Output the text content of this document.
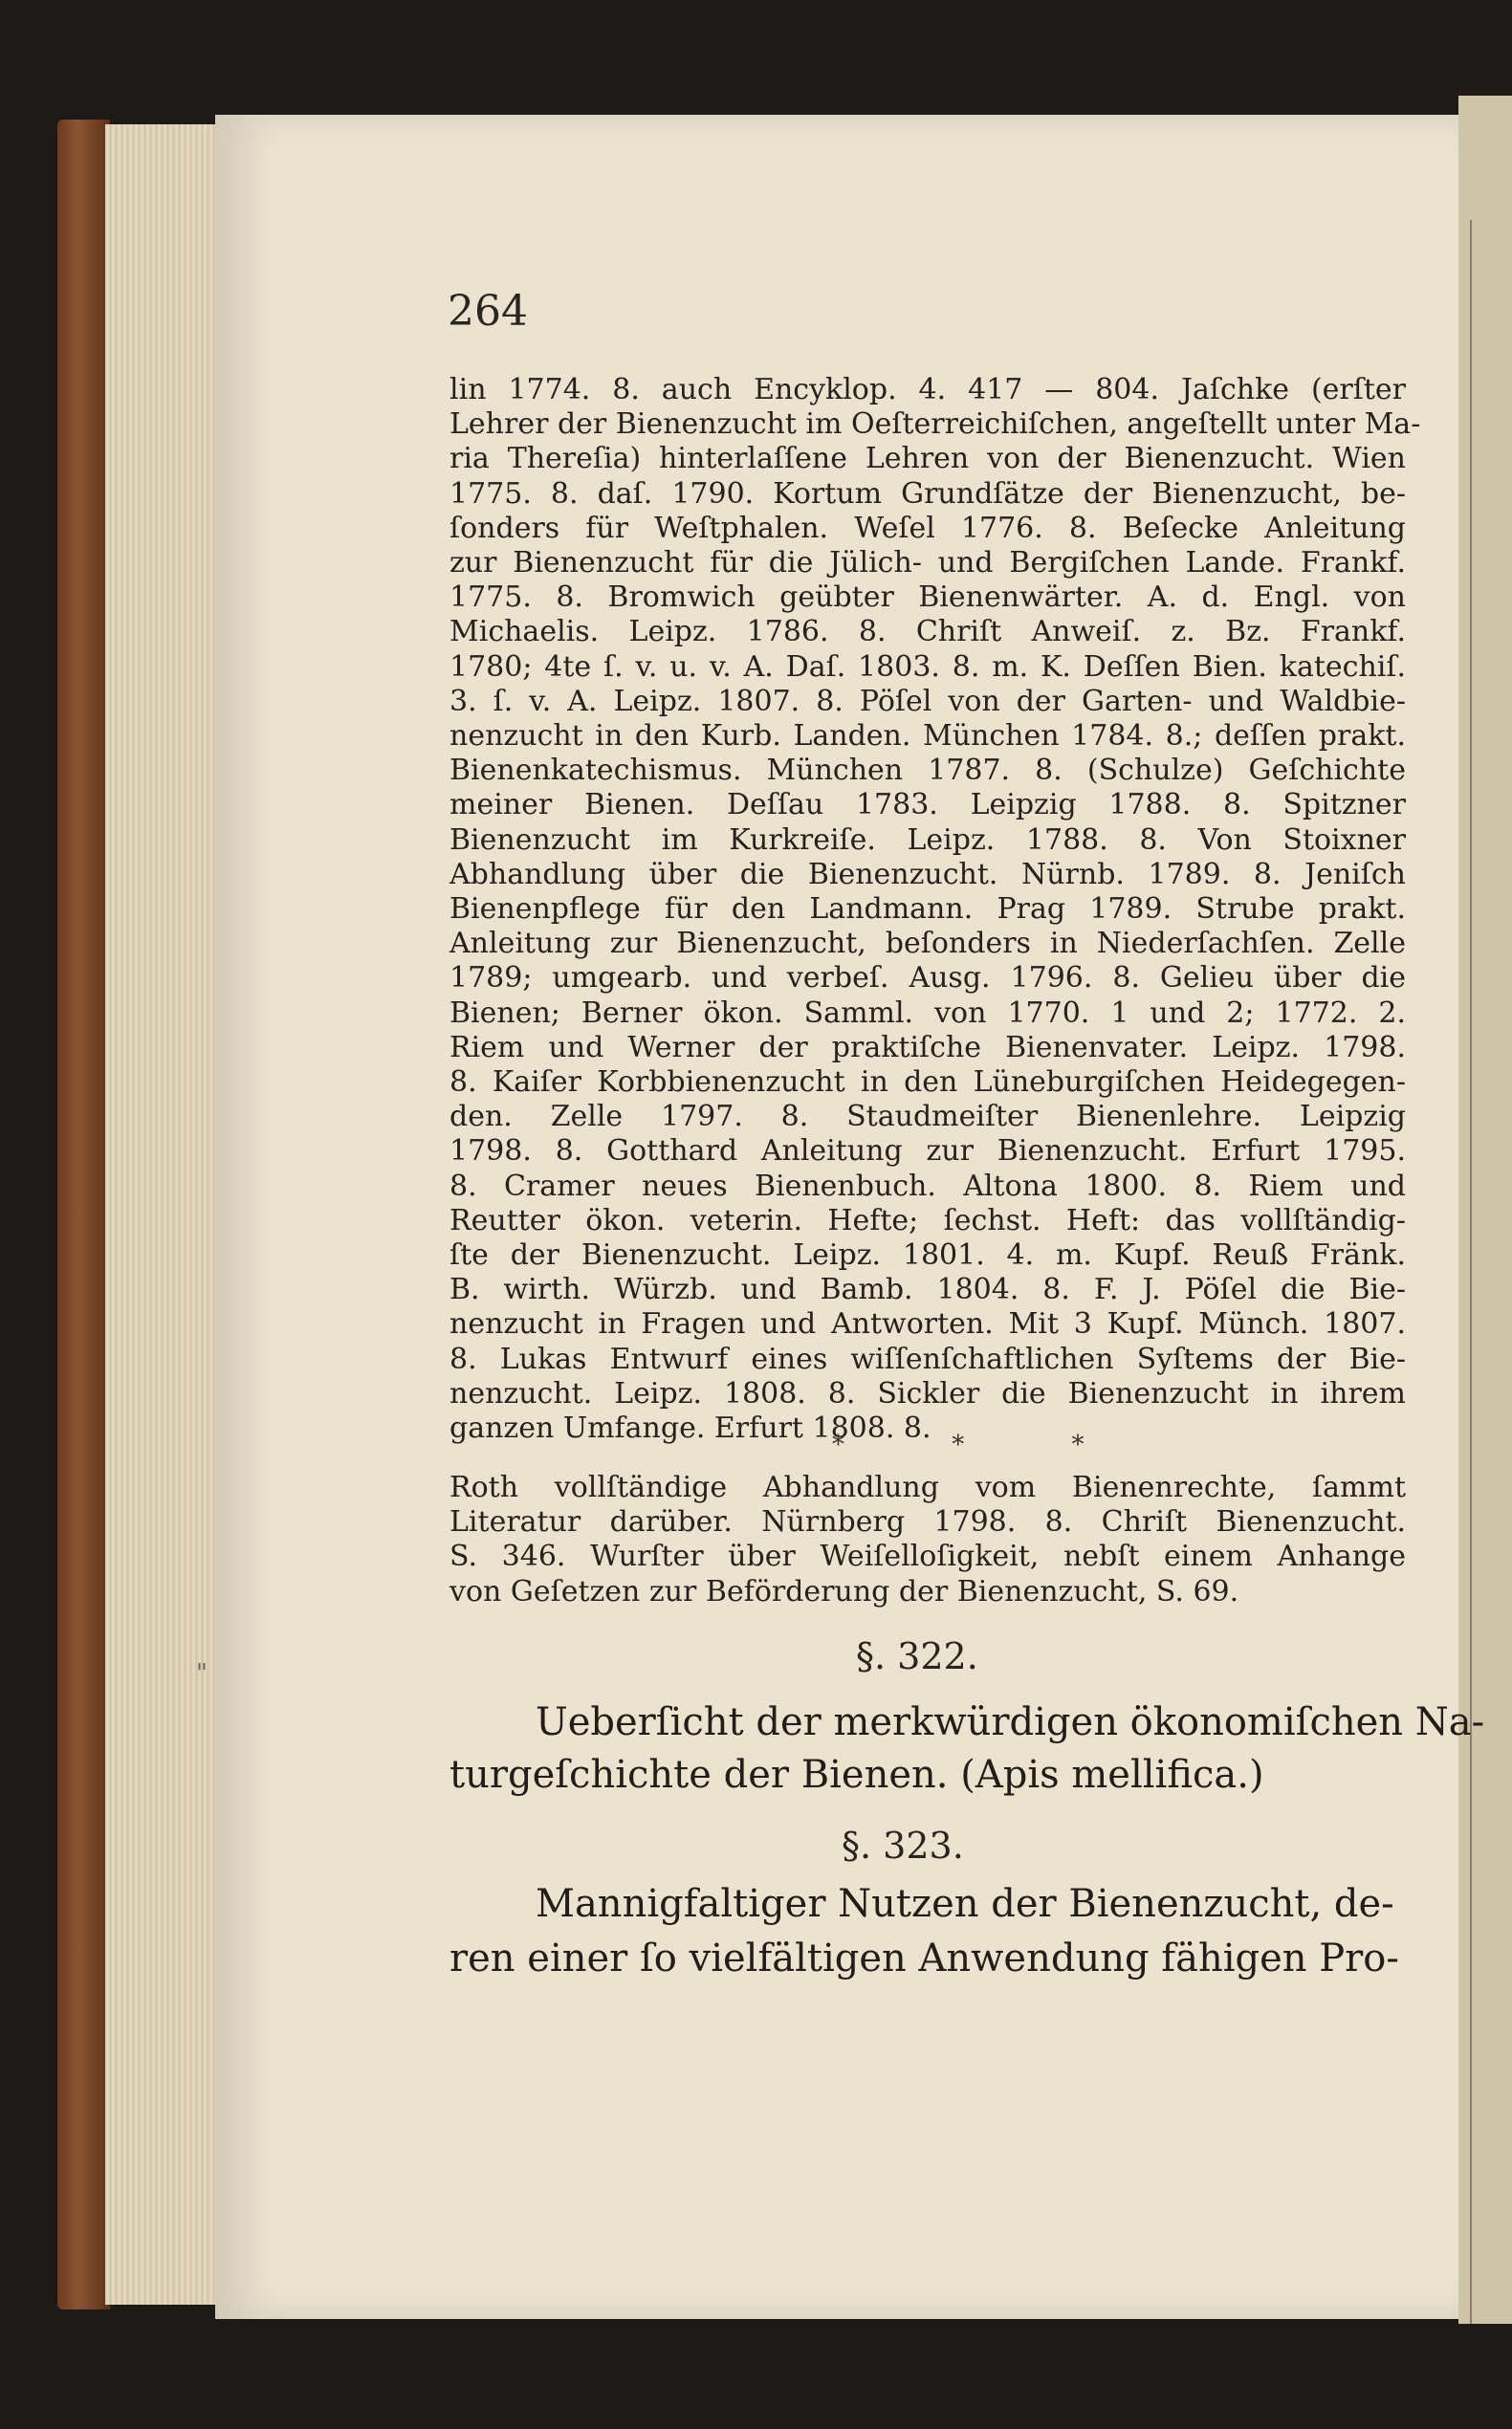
264
lin 1774. 8. auch Encyklop. 4. 417 — 804. Jaſchke (erſter
Lehrer der Bienenzucht im Oeſterreichiſchen, angeſtellt unter Ma-
ria Thereſia) hinterlaſſene Lehren von der Bienenzucht. Wien
1775. 8. daſ. 1790. Kortum Grundſätze der Bienenzucht, be-
ſonders für Weſtphalen. Weſel 1776. 8. Beſecke Anleitung
zur Bienenzucht für die Jülich- und Bergiſchen Lande. Frankf.
1775. 8. Bromwich geübter Bienenwärter. A. d. Engl. von
Michaelis. Leipz. 1786. 8. Chriſt Anweiſ. z. Bz. Frankf.
1780; 4te ſ. v. u. v. A. Daſ. 1803. 8. m. K. Deſſen Bien. katechiſ.
3. ſ. v. A. Leipz. 1807. 8. Pöſel von der Garten- und Waldbie-
nenzucht in den Kurb. Landen. München 1784. 8.; deſſen prakt.
Bienenkatechismus. München 1787. 8. (Schulze) Geſchichte
meiner Bienen. Deſſau 1783. Leipzig 1788. 8. Spitzner
Bienenzucht im Kurkreiſe. Leipz. 1788. 8. Von Stoixner
Abhandlung über die Bienenzucht. Nürnb. 1789. 8. Jeniſch
Bienenpflege für den Landmann. Prag 1789. Strube prakt.
Anleitung zur Bienenzucht, beſonders in Niederſachſen. Zelle
1789; umgearb. und verbeſ. Ausg. 1796. 8. Gelieu über die
Bienen; Berner ökon. Samml. von 1770. 1 und 2; 1772. 2.
Riem und Werner der praktiſche Bienenvater. Leipz. 1798.
8. Kaiſer Korbbienenzucht in den Lüneburgiſchen Heidegegen-
den. Zelle 1797. 8. Staudmeiſter Bienenlehre. Leipzig
1798. 8. Gotthard Anleitung zur Bienenzucht. Erfurt 1795.
8. Cramer neues Bienenbuch. Altona 1800. 8. Riem und
Reutter ökon. veterin. Hefte; ſechst. Heft: das vollſtändig-
ſte der Bienenzucht. Leipz. 1801. 4. m. Kupf. Reuß Fränk.
B. wirth. Würzb. und Bamb. 1804. 8. F. J. Pöſel die Bie-
nenzucht in Fragen und Antworten. Mit 3 Kupf. Münch. 1807.
8. Lukas Entwurf eines wiſſenſchaftlichen Syſtems der Bie-
nenzucht. Leipz. 1808. 8. Sickler die Bienenzucht in ihrem
ganzen Umfange. Erfurt 1808. 8.
* * *
Roth vollſtändige Abhandlung vom Bienenrechte, ſammt
Literatur darüber. Nürnberg 1798. 8. Chriſt Bienenzucht.
S. 346. Wurſter über Weiſelloſigkeit, nebſt einem Anhange
von Geſetzen zur Beförderung der Bienenzucht, S. 69.
§. 322.
Ueberſicht der merkwürdigen ökonomiſchen Na-
turgeſchichte der Bienen. (Apis mellifica.)
§. 323.
Mannigfaltiger Nutzen der Bienenzucht, de-
ren einer ſo vielfältigen Anwendung fähigen Pro-
"
